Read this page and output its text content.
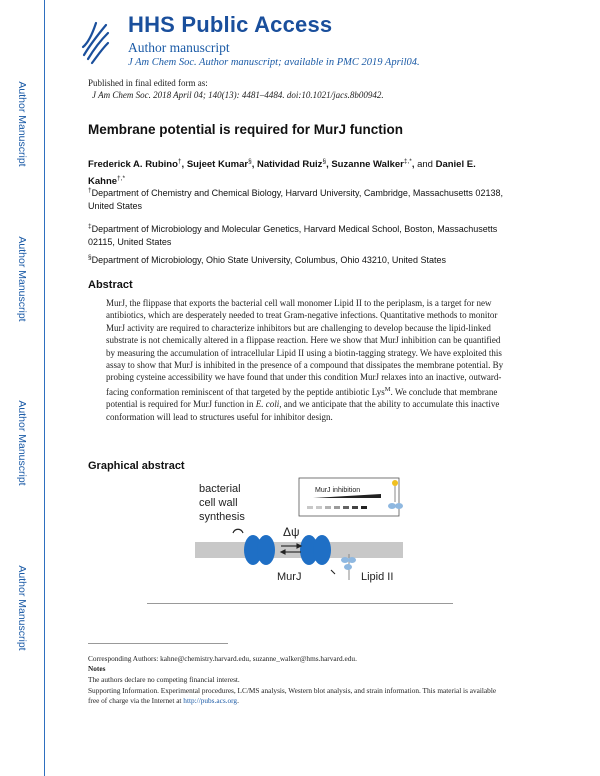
Author Manuscript
Author Manuscript
Author Manuscript
Author Manuscript
HHS Public Access
Author manuscript
J Am Chem Soc. Author manuscript; available in PMC 2019 April04.
Published in final edited form as:
J Am Chem Soc. 2018 April 04; 140(13): 4481–4484. doi:10.1021/jacs.8b00942.
Membrane potential is required for MurJ function
Frederick A. Rubino†, Sujeet Kumar§, Natividad Ruiz§, Suzanne Walker‡,*, and Daniel E. Kahne†,*
†Department of Chemistry and Chemical Biology, Harvard University, Cambridge, Massachusetts 02138, United States
‡Department of Microbiology and Molecular Genetics, Harvard Medical School, Boston, Massachusetts 02115, United States
§Department of Microbiology, Ohio State University, Columbus, Ohio 43210, United States
Abstract
MurJ, the flippase that exports the bacterial cell wall monomer Lipid II to the periplasm, is a target for new antibiotics, which are desperately needed to treat Gram-negative infections. Quantitative methods to monitor MurJ activity are required to characterize inhibitors but are challenging to develop because the lipid-linked substrate is not chemically altered in a flippase reaction. Here we show that MurJ inhibition can be quantified by measuring the accumulation of intracellular Lipid II using a biotin-tagging strategy. We have exploited this assay to show that MurJ is inhibited in the presence of a compound that dissipates the membrane potential. By probing cysteine accessibility we have found that under this condition MurJ relaxes into an inactive, outward-facing conformation reminiscent of that targeted by the peptide antibiotic Lys$^M$. We conclude that membrane potential is required for MurJ function in E. coli, and we anticipate that the ability to accumulate this inactive conformation will lead to structures useful for inhibitor design.
Graphical abstract
bacterial
cell wall
synthesis
MurJ inhibition
Δψ
MurJ	Lipid II
Corresponding Authors: kahne@chemistry.harvard.edu, suzanne_walker@hms.harvard.edu.
Notes
The authors declare no competing financial interest.
Supporting Information. Experimental procedures, LC/MS analysis, Western blot analysis, and strain information. This material is available free of charge via the Internet at http://pubs.acs.org.
